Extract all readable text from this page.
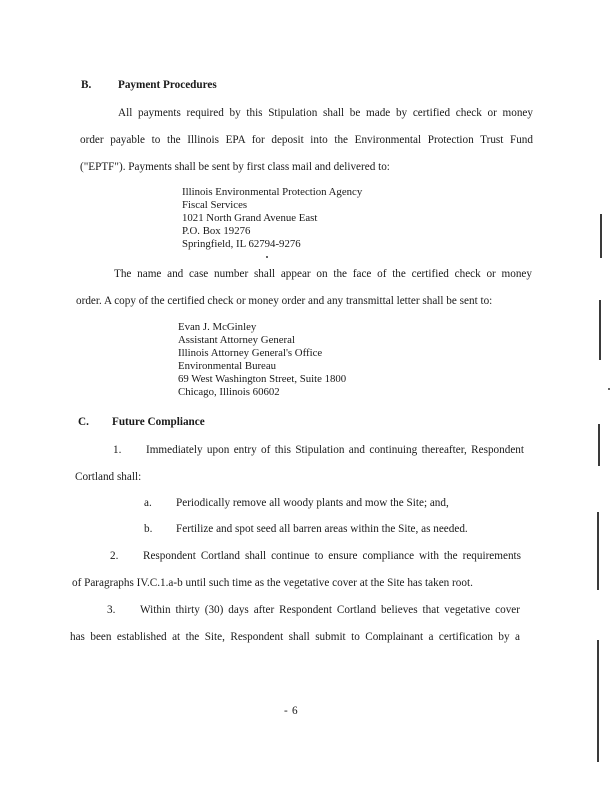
B. Payment Procedures
All payments required by this Stipulation shall be made by certified check or money
order payable to the Illinois EPA for deposit into the Environmental Protection Trust Fund
("EPTF"). Payments shall be sent by first class mail and delivered to:
Illinois Environmental Protection Agency
Fiscal Services
1021 North Grand Avenue East
P.O. Box 19276
Springfield, IL 62794-9276
The name and case number shall appear on the face of the certified check or money
order. A copy of the certified check or money order and any transmittal letter shall be sent to:
Evan J. McGinley
Assistant Attorney General
Illinois Attorney General's Office
Environmental Bureau
69 West Washington Street, Suite 1800
Chicago, Illinois 60602
C. Future Compliance
1. Immediately upon entry of this Stipulation and continuing thereafter, Respondent
Cortland shall:
a. Periodically remove all woody plants and mow the Site; and,
b. Fertilize and spot seed all barren areas within the Site, as needed.
2. Respondent Cortland shall continue to ensure compliance with the requirements
of Paragraphs IV.C.1.a-b until such time as the vegetative cover at the Site has taken root.
3. Within thirty (30) days after Respondent Cortland believes that vegetative cover
has been established at the Site, Respondent shall submit to Complainant a certification by a
- 6
